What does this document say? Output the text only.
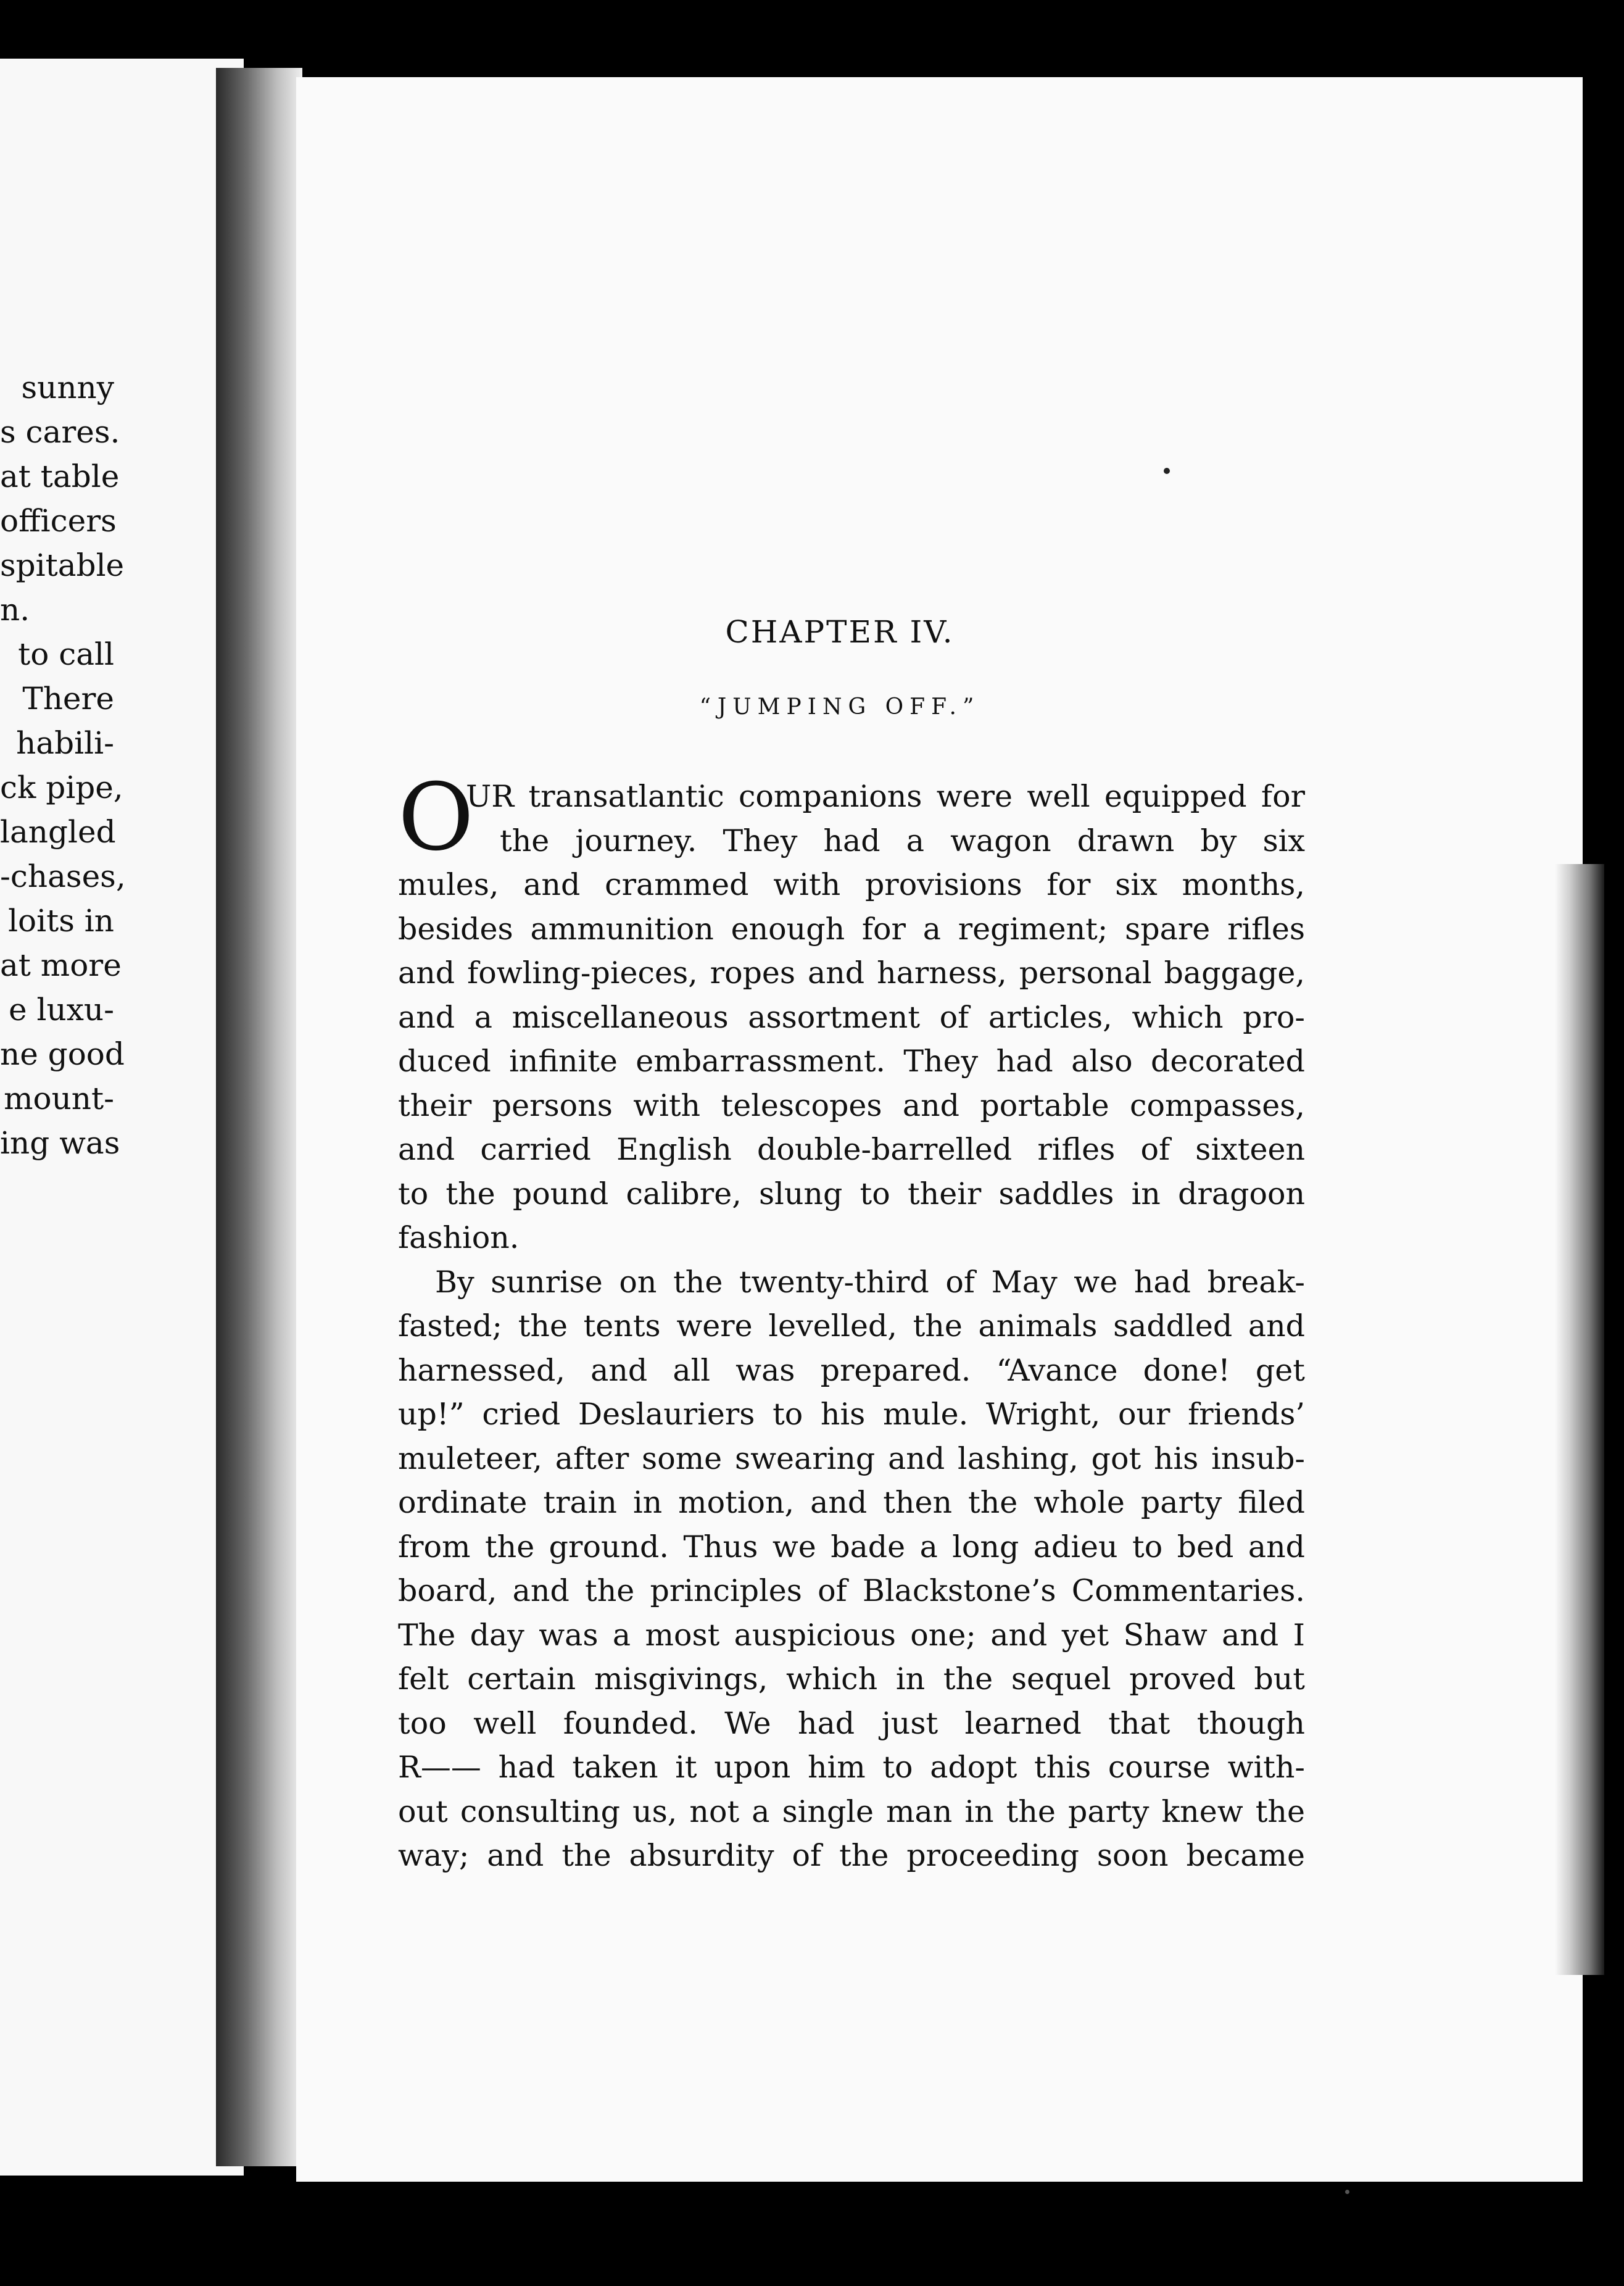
sunny
s cares.
at table
officers
spitable
n.
to call
There
habili-
ck pipe,
langled
-chases,
loits in
at more
e luxu-
ne good
mount-
ing was
CHAPTER IV.
“JUMPING OFF.”
O
UR transatlantic companions were well equipped for
the journey. They had a wagon drawn by six
mules, and crammed with provisions for six months,
besides ammunition enough for a regiment; spare rifles
and fowling-pieces, ropes and harness, personal baggage,
and a miscellaneous assortment of articles, which pro-
duced infinite embarrassment. They had also decorated
their persons with telescopes and portable compasses,
and carried English double-barrelled rifles of sixteen
to the pound calibre, slung to their saddles in dragoon
fashion.
By sunrise on the twenty-third of May we had break-
fasted; the tents were levelled, the animals saddled and
harnessed, and all was prepared. “Avance done! get
up!” cried Deslauriers to his mule. Wright, our friends’
muleteer, after some swearing and lashing, got his insub-
ordinate train in motion, and then the whole party filed
from the ground. Thus we bade a long adieu to bed and
board, and the principles of Blackstone’s Commentaries.
The day was a most auspicious one; and yet Shaw and I
felt certain misgivings, which in the sequel proved but
too well founded. We had just learned that though
R—— had taken it upon him to adopt this course with-
out consulting us, not a single man in the party knew the
way; and the absurdity of the proceeding soon became
